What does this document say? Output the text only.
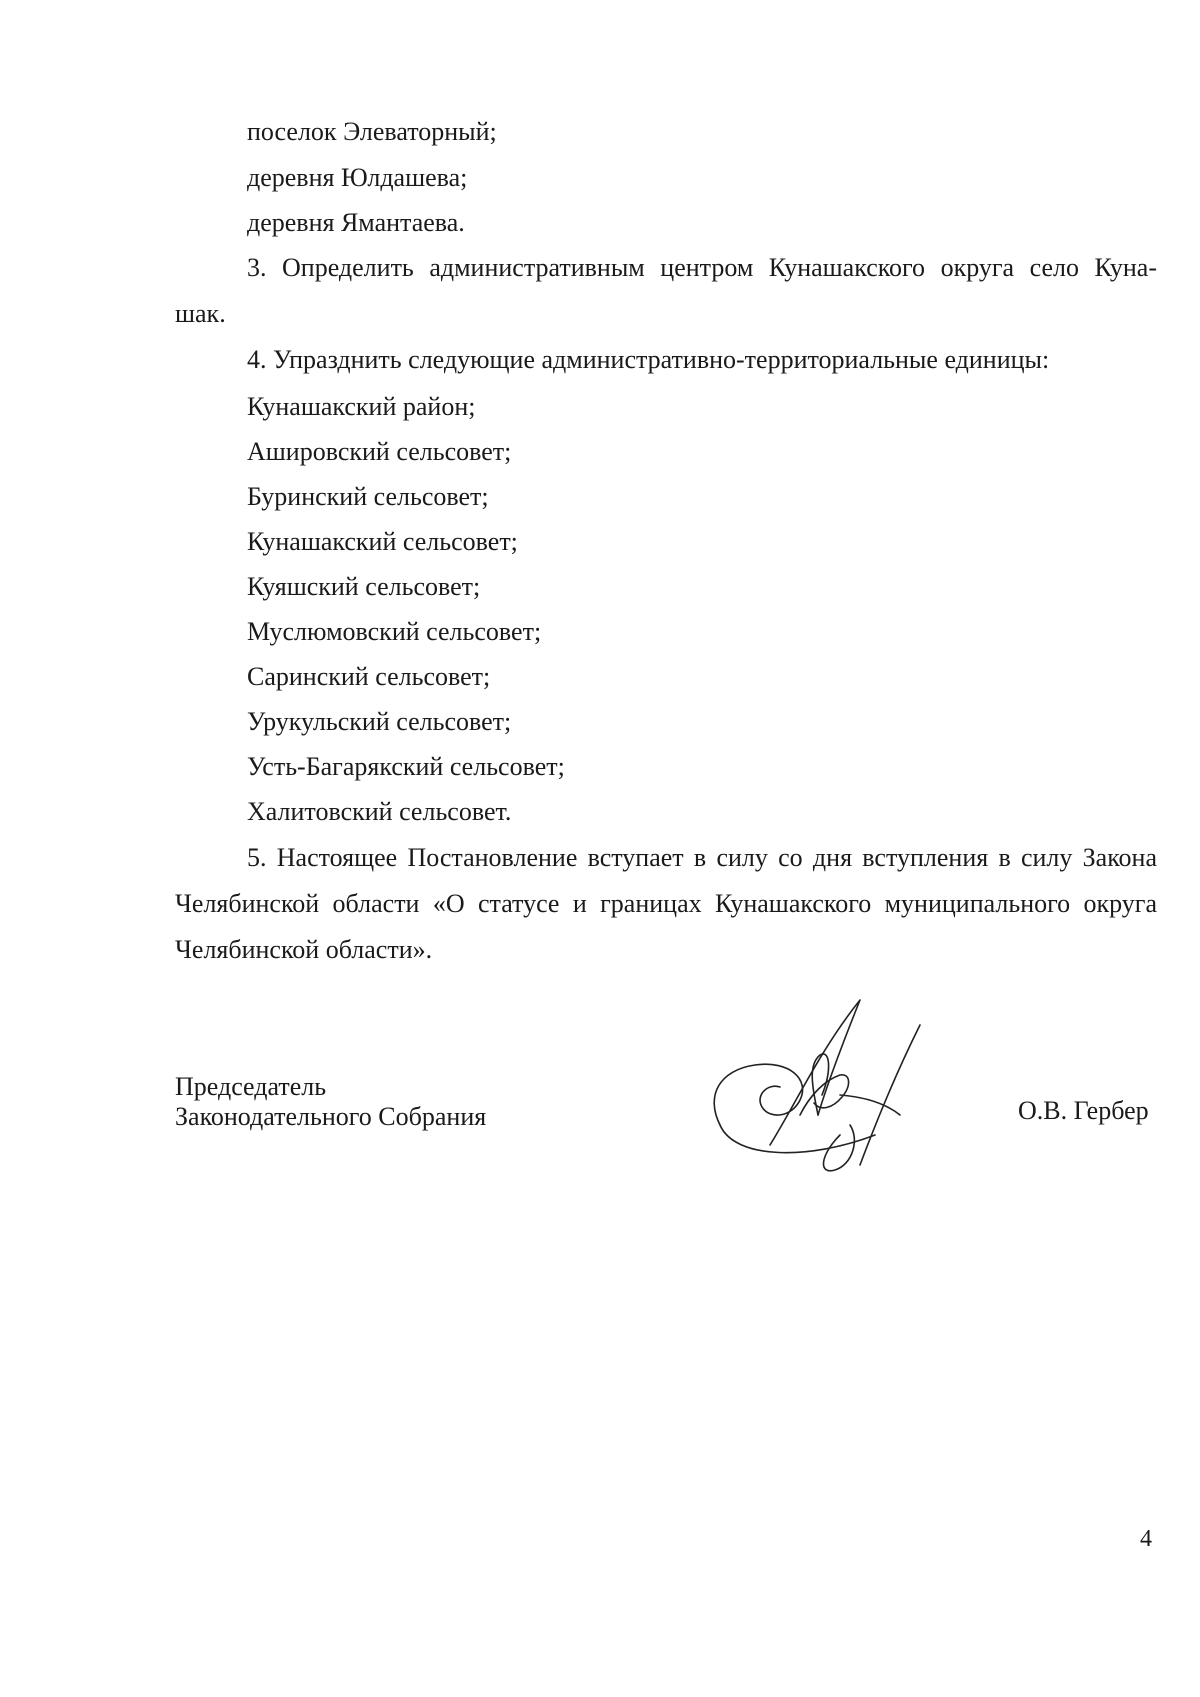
поселок Элеваторный;

деревня Юлдашева;

деревня Ямантаева.

3. Определить административным центром Кунашакского округа село Куна-

шак.

4. Упразднить следующие административно-территориальные единицы:

Кунашакский район;

Ашировский сельсовет;

Буринский сельсовет;

Кунашакский сельсовет;

Куяшский сельсовет;

Муслюмовский сельсовет;

Саринский сельсовет;

Урукульский сельсовет;

Усть-Багарякский сельсовет;

Халитовский сельсовет.

5. Настоящее Постановление вступает в силу со дня вступления в силу Закона

Челябинской области «О статусе и границах Кунашакского муниципального округа

Челябинской области».

Председатель

Законодательного Собрания	О.В. Гербер

4
